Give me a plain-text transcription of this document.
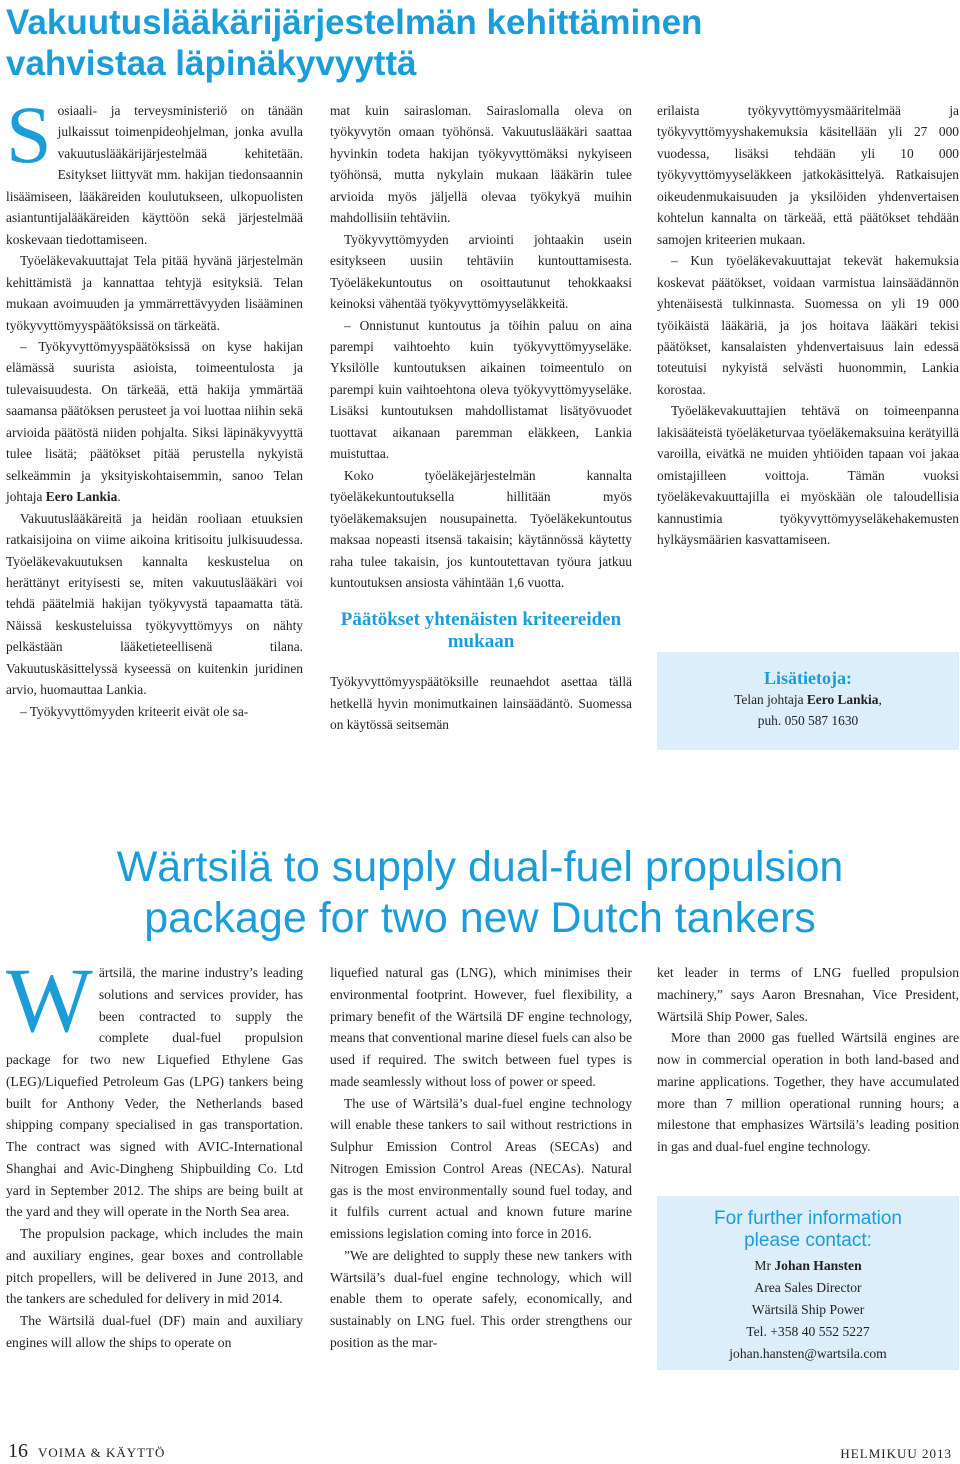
Vakuutuslääkärijärjestelmän kehittäminen vahvistaa läpinäkyvyyttä

Sosiaali- ja terveysministeriö on tänään julkaissut toimenpideohjelman, jonka avulla vakuutuslääkärijärjestelmää kehitetään. Esitykset liittyvät mm. hakijan tiedonsaannin lisäämiseen, lääkäreiden koulutukseen, ulkopuolisten asiantuntijalääkäreiden käyttöön sekä järjestelmää koskevaan tiedottamiseen.

Työeläkevakuuttajat Tela pitää hyvänä järjestelmän kehittämistä ja kannattaa tehtyjä esityksiä. Telan mukaan avoimuuden ja ymmärrettävyyden lisääminen työkyvyttömyyspäätöksissä on tärkeätä.

– Työkyvyttömyyspäätöksissä on kyse hakijan elämässä suurista asioista, toimeentulosta ja tulevaisuudesta. On tärkeää, että hakija ymmärtää saamansa päätöksen perusteet ja voi luottaa niihin sekä arvioida päätöstä niiden pohjalta. Siksi läpinäkyvyyttä tulee lisätä; päätökset pitää perustella nykyistä selkeämmin ja yksityiskohtaisemmin, sanoo Telan johtaja Eero Lankia.

Vakuutuslääkäreitä ja heidän rooliaan etuuksien ratkaisijoina on viime aikoina kritisoitu julkisuudessa. Työeläkevakuutuksen kannalta keskustelua on herättänyt erityisesti se, miten vakuutuslääkäri voi tehdä päätelmiä hakijan työkyvystä tapaamatta tätä. Näissä keskusteluissa työkyvyttömyys on nähty pelkästään lääketieteellisenä tilana. Vakuutuskäsittelyssä kyseessä on kuitenkin juridinen arvio, huomauttaa Lankia.

– Työkyvyttömyyden kriteerit eivät ole sa-

mat kuin sairasloman. Sairaslomalla oleva on työkyvytön omaan työhönsä. Vakuutuslääkäri saattaa hyvinkin todeta hakijan työkyvyttömäksi nykyiseen työhönsä, mutta nykylain mukaan lääkärin tulee arvioida myös jäljellä olevaa työkykyä muihin mahdollisiin tehtäviin.

Työkyvyttömyyden arviointi johtaakin usein esitykseen uusiin tehtäviin kuntouttamisesta. Työeläkekuntoutus on osoittautunut tehokkaaksi keinoksi vähentää työkyvyttömyyseläkkeitä.

– Onnistunut kuntoutus ja töihin paluu on aina parempi vaihtoehto kuin työkyvyttömyyseläke. Yksilölle kuntoutuksen aikainen toimeentulo on parempi kuin vaihtoehtona oleva työkyvyttömyyseläke. Lisäksi kuntoutuksen mahdollistamat lisätyövuodet tuottavat aikanaan paremman eläkkeen, Lankia muistuttaa.

Koko työeläkejärjestelmän kannalta työeläkekuntoutuksella hillitään myös työeläkemaksujen nousupainetta. Työeläkekuntoutus maksaa nopeasti itsensä takaisin; käytännössä käytetty raha tulee takaisin, jos kuntoutettavan työura jatkuu kuntoutuksen ansiosta vähintään 1,6 vuotta.

Päätökset yhtenäisten kriteereiden mukaan

Työkyvyttömyyspäätöksille reunaehdot asettaa tällä hetkellä hyvin monimutkainen lainsäädäntö. Suomessa on käytössä seitsemän

erilaista työkyvyttömyysmääritelmää ja työkyvyttömyyshakemuksia käsitellään yli 27 000 vuodessa, lisäksi tehdään yli 10 000 työkyvyttömyyseläkkeen jatkokäsittelyä. Ratkaisujen oikeudenmukaisuuden ja yksilöiden yhdenvertaisen kohtelun kannalta on tärkeää, että päätökset tehdään samojen kriteerien mukaan.

– Kun työeläkevakuuttajat tekevät hakemuksia koskevat päätökset, voidaan varmistua lainsäädännön yhtenäisestä tulkinnasta. Suomessa on yli 19 000 työikäistä lääkäriä, ja jos hoitava lääkäri tekisi päätökset, kansalaisten yhdenvertaisuus lain edessä toteutuisi nykyistä selvästi huonommin, Lankia korostaa.

Työeläkevakuuttajien tehtävä on toimeenpanna lakisääteistä työeläketurvaa työeläkemaksuina kerätyillä varoilla, eivätkä ne muiden yhtiöiden tapaan voi jakaa omistajilleen voittoja. Tämän vuoksi työeläkevakuuttajilla ei myöskään ole taloudellisia kannustimia työkyvyttömyyseläkehakemusten hylkäysmäärien kasvattamiseen.

Lisätietoja:
Telan johtaja Eero Lankia,
puh. 050 587 1630
Wärtsilä to supply dual-fuel propulsion package for two new Dutch tankers

Wärtsilä, the marine industry’s leading solutions and services provider, has been contracted to supply the complete dual-fuel propulsion package for two new Liquefied Ethylene Gas (LEG)/Liquefied Petroleum Gas (LPG) tankers being built for Anthony Veder, the Netherlands based shipping company specialised in gas transportation. The contract was signed with AVIC-International Shanghai and Avic-Dingheng Shipbuilding Co. Ltd yard in September 2012. The ships are being built at the yard and they will operate in the North Sea area.

The propulsion package, which includes the main and auxiliary engines, gear boxes and controllable pitch propellers, will be delivered in June 2013, and the tankers are scheduled for delivery in mid 2014.

The Wärtsilä dual-fuel (DF) main and auxiliary engines will allow the ships to operate on

liquefied natural gas (LNG), which minimises their environmental footprint. However, fuel flexibility, a primary benefit of the Wärtsilä DF engine technology, means that conventional marine diesel fuels can also be used if required. The switch between fuel types is made seamlessly without loss of power or speed.

The use of Wärtsilä’s dual-fuel engine technology will enable these tankers to sail without restrictions in Sulphur Emission Control Areas (SECAs) and Nitrogen Emission Control Areas (NECAs). Natural gas is the most environmentally sound fuel today, and it fulfils current actual and known future marine emissions legislation coming into force in 2016.

”We are delighted to supply these new tankers with Wärtsilä’s dual-fuel engine technology, which will enable them to operate safely, economically, and sustainably on LNG fuel. This order strengthens our position as the mar-

ket leader in terms of LNG fuelled propulsion machinery,” says Aaron Bresnahan, Vice President, Wärtsilä Ship Power, Sales.

More than 2000 gas fuelled Wärtsilä engines are now in commercial operation in both land-based and marine applications. Together, they have accumulated more than 7 million operational running hours; a milestone that emphasizes Wärtsilä’s leading position in gas and dual-fuel engine technology.

For further information
please contact:
Mr Johan Hansten
Area Sales Director
Wärtsilä Ship Power
Tel. +358 40 552 5227
johan.hansten@wartsila.com
16 VOIMA & KÄYTTÖ	HELMIKUU 2013
